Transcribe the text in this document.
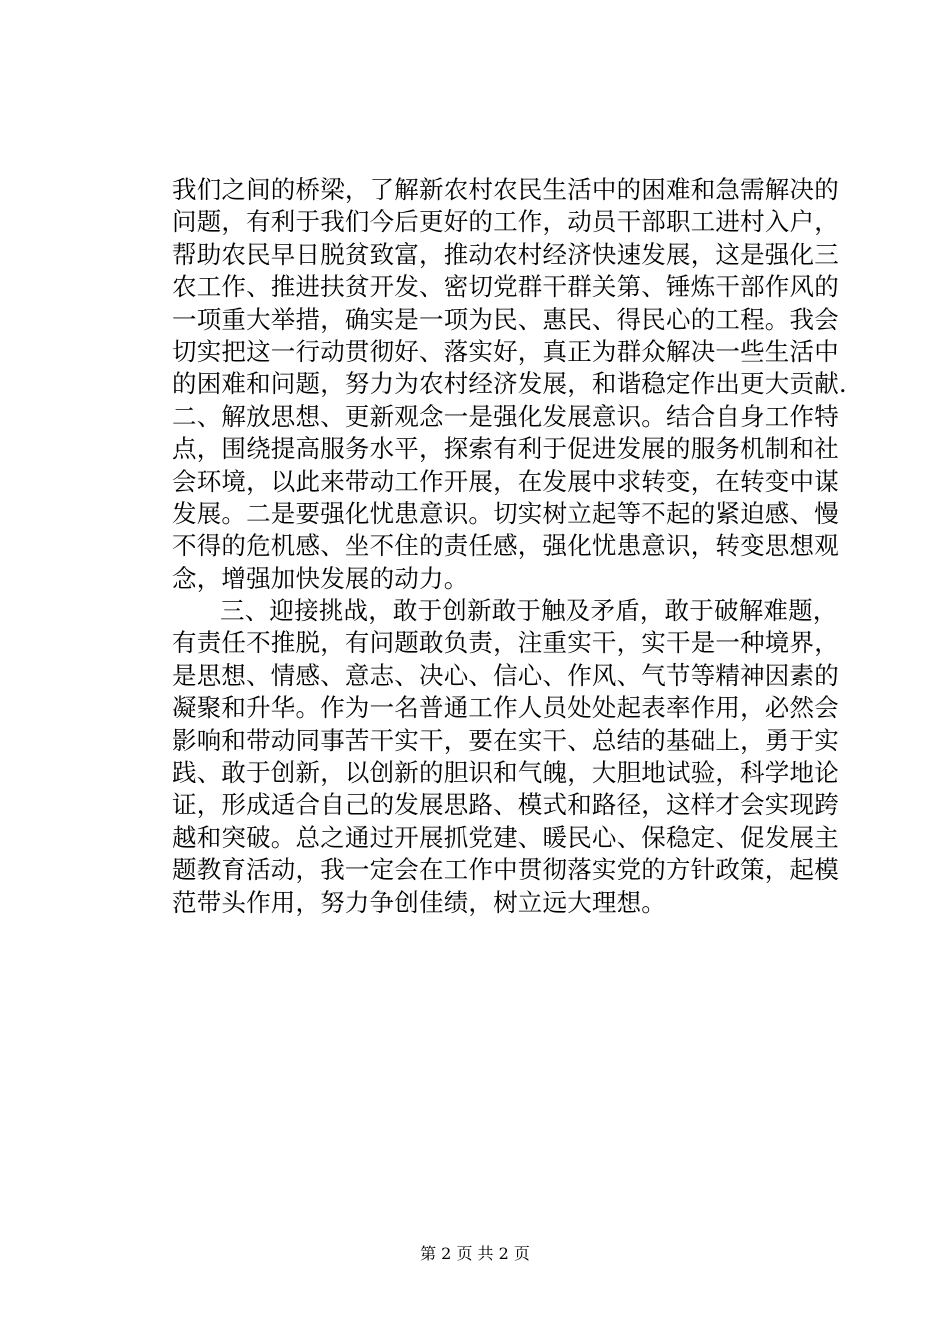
我们之间的桥梁，了解新农村农民生活中的困难和急需解决的
问题，有利于我们今后更好的工作，动员干部职工进村入户，
帮助农民早日脱贫致富，推动农村经济快速发展，这是强化三
农工作、推进扶贫开发、密切党群干群关第、锤炼干部作风的
一项重大举措，确实是一项为民、惠民、得民心的工程。我会
切实把这一行动贯彻好、落实好，真正为群众解决一些生活中
的困难和问题，努力为农村经济发展，和谐稳定作出更大贡献.
二、解放思想、更新观念一是强化发展意识。结合自身工作特
点，围绕提高服务水平，探索有利于促进发展的服务机制和社
会环境，以此来带动工作开展，在发展中求转变，在转变中谋
发展。二是要强化忧患意识。切实树立起等不起的紧迫感、慢
不得的危机感、坐不住的责任感，强化忧患意识，转变思想观
念，增强加快发展的动力。
三、迎接挑战，敢于创新敢于触及矛盾，敢于破解难题，
有责任不推脱，有问题敢负责，注重实干，实干是一种境界，
是思想、情感、意志、决心、信心、作风、气节等精神因素的
凝聚和升华。作为一名普通工作人员处处起表率作用，必然会
影响和带动同事苦干实干，要在实干、总结的基础上，勇于实
践、敢于创新，以创新的胆识和气魄，大胆地试验，科学地论
证，形成适合自己的发展思路、模式和路径，这样才会实现跨
越和突破。总之通过开展抓党建、暖民心、保稳定、促发展主
题教育活动，我一定会在工作中贯彻落实党的方针政策，起模
范带头作用，努力争创佳绩，树立远大理想。
第 2 页 共 2 页
